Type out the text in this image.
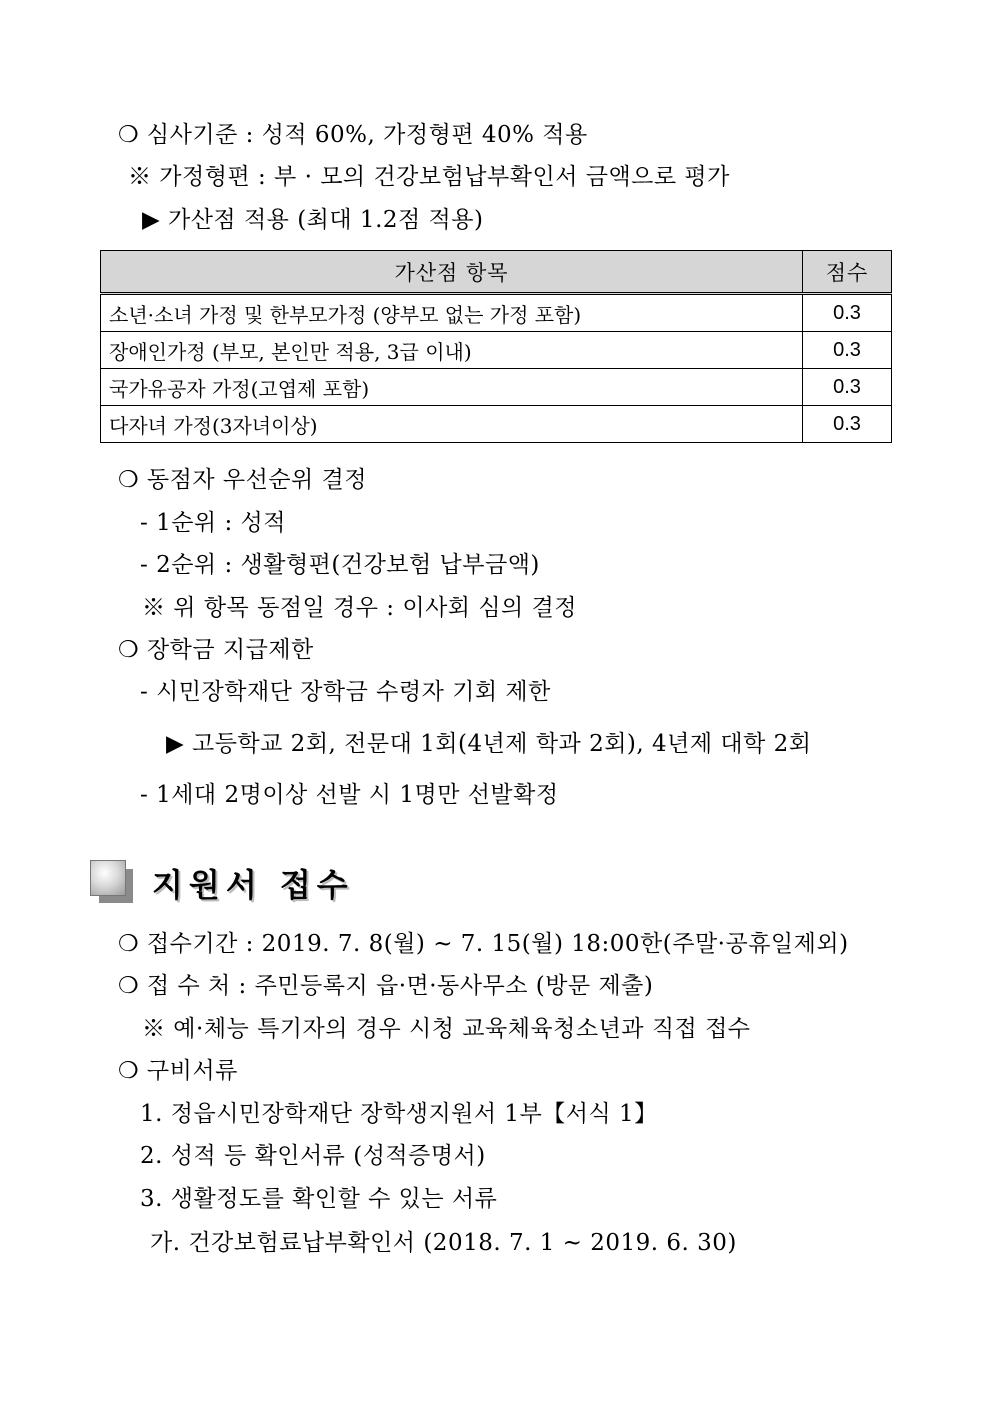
❍ 심사기준 : 성적 60%, 가정형편 40% 적용
※ 가정형편 : 부 · 모의 건강보험납부확인서 금액으로 평가
▶ 가산점 적용 (최대 1.2점 적용)
가산점 항목	점수
소년·소녀 가정 및 한부모가정 (양부모 없는 가정 포함)	0.3
장애인가정 (부모, 본인만 적용, 3급 이내)	0.3
국가유공자 가정(고엽제 포함)	0.3
다자녀 가정(3자녀이상)	0.3
❍ 동점자 우선순위 결정
- 1순위 : 성적
- 2순위 : 생활형편(건강보험 납부금액)
※ 위 항목 동점일 경우 : 이사회 심의 결정
❍ 장학금 지급제한
- 시민장학재단 장학금 수령자 기회 제한
▶ 고등학교 2회, 전문대 1회(4년제 학과 2회), 4년제 대학 2회
- 1세대 2명이상 선발 시 1명만 선발확정
지원서 접수
❍ 접수기간 : 2019. 7. 8(월) ~ 7. 15(월) 18:00한(주말·공휴일제외)
❍ 접 수 처 : 주민등록지 읍·면·동사무소 (방문 제출)
※ 예·체능 특기자의 경우 시청 교육체육청소년과 직접 접수
❍ 구비서류
1. 정읍시민장학재단 장학생지원서 1부【서식 1】
2. 성적 등 확인서류 (성적증명서)
3. 생활정도를 확인할 수 있는 서류
가. 건강보험료납부확인서 (2018. 7. 1 ~ 2019. 6. 30)
